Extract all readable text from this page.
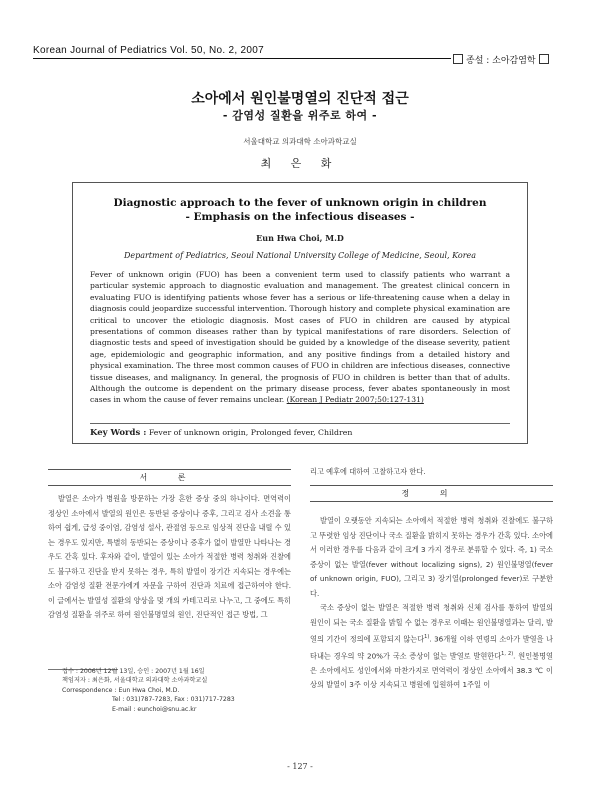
Korean Journal of Pediatrics Vol. 50, No. 2, 2007
종설 : 소아감염학
소아에서 원인불명열의 진단적 접근
- 감염성 질환을 위주로 하여 -
서울대학교 의과대학 소아과학교실
최 은 화
Diagnostic approach to the fever of unknown origin in children
- Emphasis on the infectious diseases -
Eun Hwa Choi, M.D
Department of Pediatrics, Seoul National University College of Medicine, Seoul, Korea
Fever of unknown origin (FUO) has been a convenient term used to classify patients who warrant a particular systemic approach to diagnostic evaluation and management. The greatest clinical concern in evaluating FUO is identifying patients whose fever has a serious or life-threatening cause when a delay in diagnosis could jeopardize successful intervention. Thorough history and complete physical examination are critical to uncover the etiologic diagnosis. Most cases of FUO in children are caused by atypical presentations of common diseases rather than by typical manifestations of rare disorders. Selection of diagnostic tests and speed of investigation should be guided by a knowledge of the disease severity, patient age, epidemiologic and geographic information, and any positive findings from a detailed history and physical examination. The three most common causes of FUO in children are infectious diseases, connective tissue diseases, and malignancy. In general, the prognosis of FUO in children is better than that of adults. Although the outcome is dependent on the primary disease process, fever abates spontaneously in most cases in whom the cause of fever remains unclear. (Korean J Pediatr 2007;50:127-131)
Key Words : Fever of unknown origin, Prolonged fever, Children
서 론

발열은 소아가 병원을 방문하는 가장 흔한 증상 중의 하나이다. 면역력이 정상인 소아에서 발열의 원인은 동반된 증상이나 증후, 그리고 검사 소견을 통하여 쉽게, 급성 중이염, 감염성 설사, 관절염 등으로 임상적 진단을 내릴 수 있는 경우도 있지만, 특별히 동반되는 증상이나 증후가 없이 발열만 나타나는 경우도 간혹 있다. 후자와 같이, 발열이 있는 소아가 적절한 병력 청취와 진찰에도 불구하고 진단을 받지 못하는 경우, 특히 발열이 장기간 지속되는 경우에는 소아 감염성 질환 전문가에게 자문을 구하여 진단과 치료에 접근하여야 한다. 이 글에서는 발열성 질환의 양상을 몇 개의 카테고리로 나누고, 그 중에도 특히 감염성 질환을 위주로 하여 원인불명열의 원인, 진단적인 접근 방법, 그

리고 예후에 대하여 고찰하고자 한다.

정 의

발열이 오랫동안 지속되는 소아에서 적절한 병력 청취와 진찰에도 불구하고 뚜렷한 임상 진단이나 국소 질환을 밝히지 못하는 경우가 간혹 있다. 소아에서 이러한 경우를 다음과 같이 크게 3 가지 경우로 분류할 수 있다. 즉, 1) 국소 증상이 없는 발열(fever without localizing signs), 2) 원인불명열(fever of unknown origin, FUO), 그리고 3) 장기열(prolonged fever)로 구분한다.

국소 증상이 없는 발열은 적절한 병력 청취와 신체 검사를 통하여 발열의 원인이 되는 국소 질환을 밝힐 수 없는 경우로 이때는 원인불명열과는 달리, 발열의 기간이 정의에 포함되지 않는다$^{1)}$. 36개월 이하 연령의 소아가 발열을 나타내는 경우의 약 20%가 국소 증상이 없는 발열로 발현한다$^{1, 2)}$. 원인불명열은 소아에서도 성인에서와 마찬가지로 면역력이 정상인 소아에서 38.3 ℃ 이상의 발열이 3주 이상 지속되고 병원에 입원하여 1주일 이

접수 : 2006년 12월 13일, 승인 : 2007년 1월 16일
책임저자 : 최은화, 서울대학교 의과대학 소아과학교실
Correspondence : Eun Hwa Choi, M.D.
Tel : 031)787-7283, Fax : 031)717-7283
E-mail : eunchoi@snu.ac.kr
- 127 -
